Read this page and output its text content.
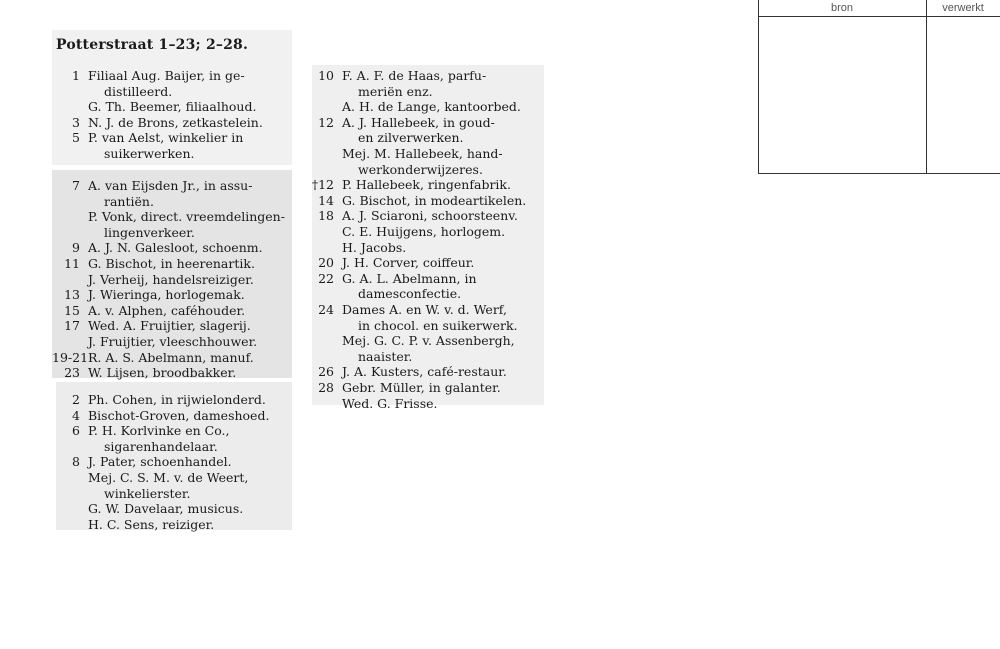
bron	verwerkt
Potterstraat 1–23; 2–28.
1 Filiaal Aug. Baijer, in ge-
distilleerd.
G. Th. Beemer, filiaalhoud.
3 N. J. de Brons, zetkastelein.
5 P. van Aelst, winkelier in
suikerwerken.
7 A. van Eijsden Jr., in assu-
rantiën.
P. Vonk, direct. vreemdelingen-
lingenverkeer.
9 A. J. N. Galesloot, schoenm.
11 G. Bischot, in heerenartik.
J. Verheij, handelsreiziger.
13 J. Wieringa, horlogemak.
15 A. v. Alphen, caféhouder.
17 Wed. A. Fruijtier, slagerij.
J. Fruijtier, vleeschhouwer.
19-21 R. A. S. Abelmann, manuf.
23 W. Lijsen, broodbakker.
2 Ph. Cohen, in rijwielonderd.
4 Bischot-Groven, dameshoed.
6 P. H. Korlvinke en Co.,
sigarenhandelaar.
8 J. Pater, schoenhandel.
Mej. C. S. M. v. de Weert,
winkelierster.
G. W. Davelaar, musicus.
H. C. Sens, reiziger.
10 F. A. F. de Haas, parfu-
meriën enz.
A. H. de Lange, kantoorbed.
12 A. J. Hallebeek, in goud-
en zilverwerken.
Mej. M. Hallebeek, hand-
werkonderwijzeres.
†12 P. Hallebeek, ringenfabrik.
14 G. Bischot, in modeartikelen.
18 A. J. Sciaroni, schoorsteenv.
C. E. Huijgens, horlogem.
H. Jacobs.
20 J. H. Corver, coiffeur.
22 G. A. L. Abelmann, in
damesconfectie.
24 Dames A. en W. v. d. Werf,
in chocol. en suikerwerk.
Mej. G. C. P. v. Assenbergh,
naaister.
26 J. A. Kusters, café-restaur.
28 Gebr. Müller, in galanter.
Wed. G. Frisse.
